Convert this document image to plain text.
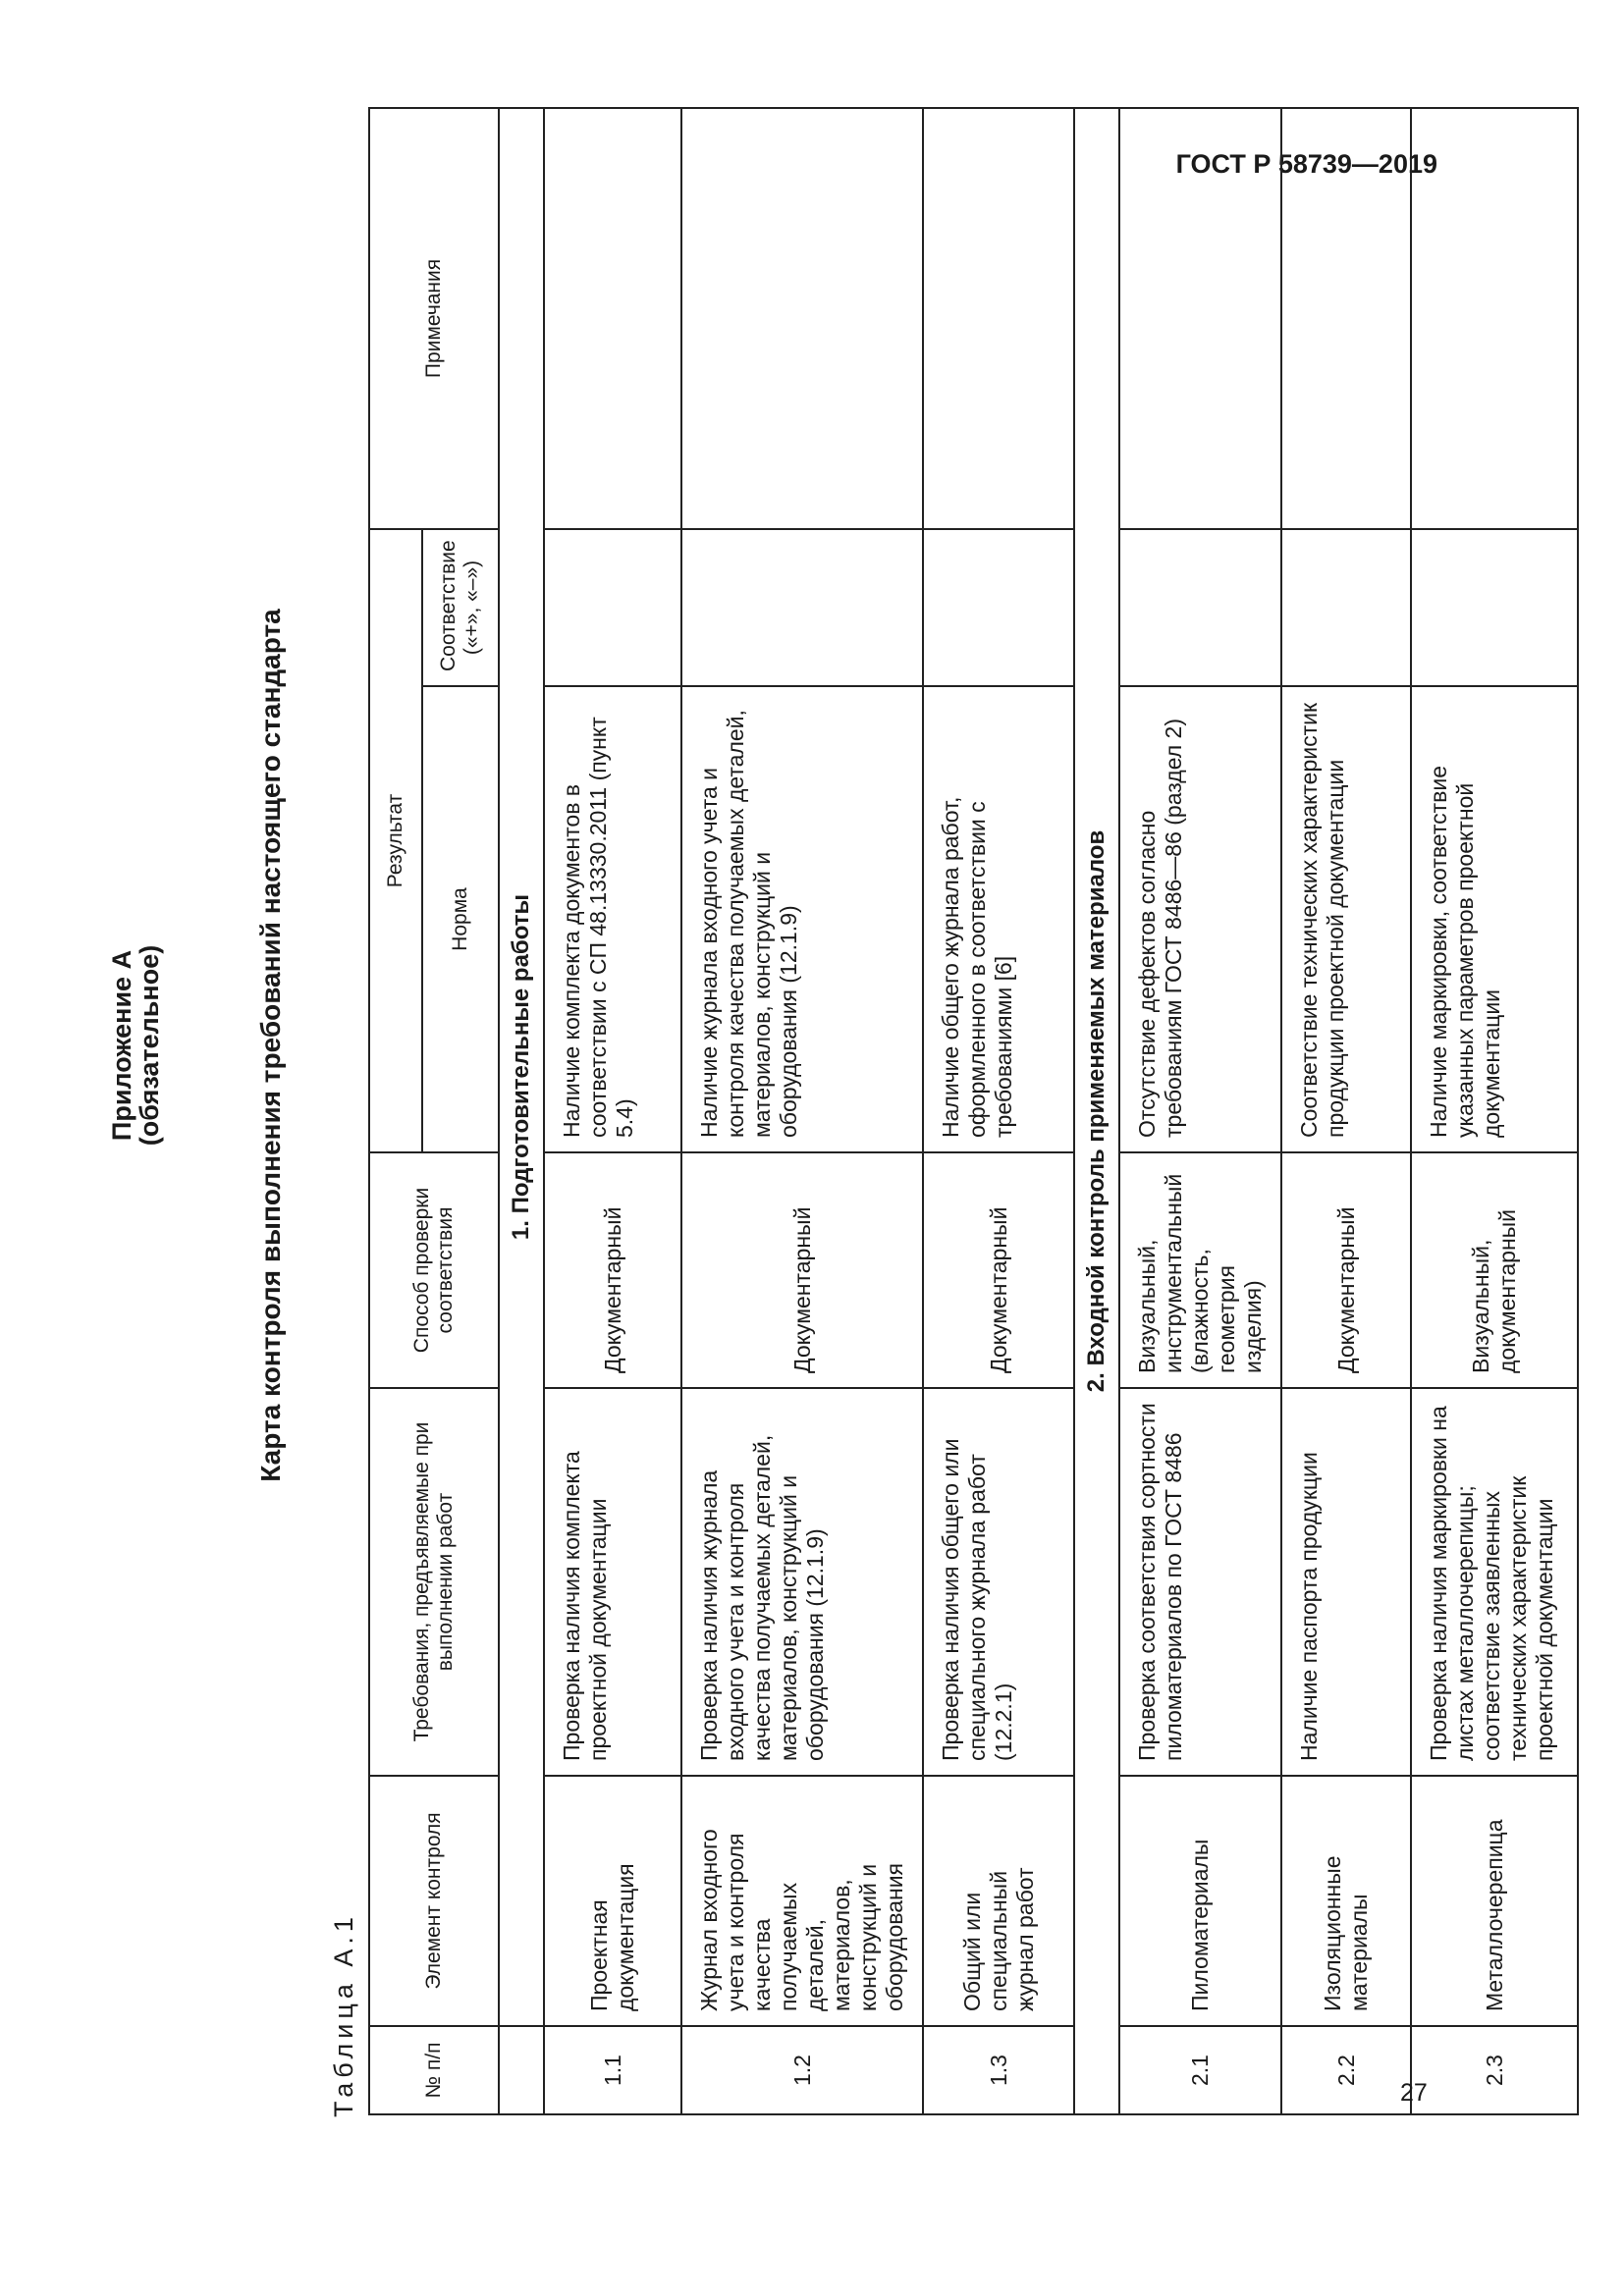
ГОСТ Р 58739—2019
Приложение А
(обязательное)	Карта контроля выполнения требований настоящего стандарта
Таблица А.1	№ п/п	Элемент контроля	Требования, предъявляемые при выполнении работ	Способ проверки соответствия	Результат		Примечания
				Норма	Соответствие («+», «–»)	
	1. Подготовительные работы					
1.1	Проектная документация	Проверка наличия комплекта проектной документации	Документарный	Наличие комплекта документов в соответствии с СП 48.13330.2011 (пункт 5.4)		
1.2	Журнал входного учета и контроля качества получаемых деталей, материалов, конструкций и оборудования	Проверка наличия журнала входного учета и контроля качества получаемых деталей, материалов, конструкций и оборудования (12.1.9)	Документарный	Наличие журнала входного учета и контроля качества получаемых деталей, материалов, конструкций и оборудования (12.1.9)		
1.3	Общий или специальный журнал работ	Проверка наличия общего или специального журнала работ (12.2.1)	Документарный	Наличие общего журнала работ, оформленного в соответствии с требованиями [6]		
2. Входной контроль применяемых материалов						
2.1	Пиломатериалы	Проверка соответствия сортности пиломатериалов по ГОСТ 8486	Визуальный, инструментальный (влажность, геометрия изделия)	Отсутствие дефектов согласно требованиям ГОСТ 8486—86 (раздел 2)		
2.2	Изоляционные материалы	Наличие паспорта продукции	Документарный	Соответствие технических характеристик продукции проектной документации		
2.3	Металлочерепица	Проверка наличия маркировки на листах металлочерепицы; соответствие заявленных технических характеристик проектной документации	Визуальный, документарный	Наличие маркировки, соответствие указанных параметров проектной документации		
27
